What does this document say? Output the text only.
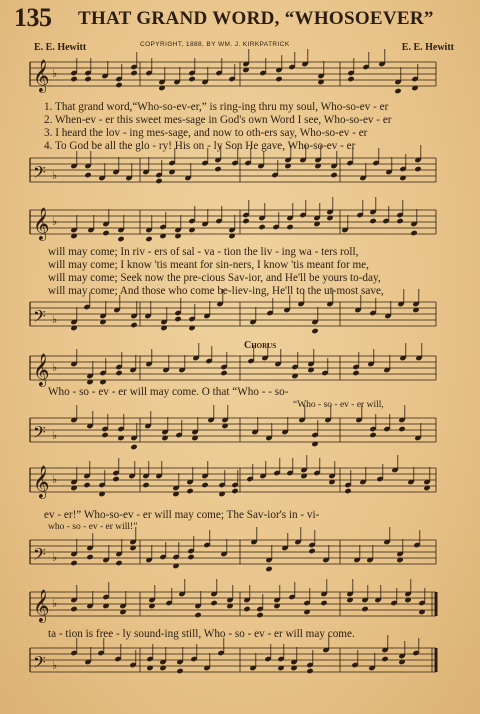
135 THAT GRAND WORD, “WHOSOEVER”
E. E. Hewitt	COPYRIGHT, 1888, BY WM. J. KIRKPATRICK	E. E. Hewitt
𝄞 ♭
1. That grand word,“Who-so-ev-er,” is ring-ing thru my soul, Who-so-ev - er
2. When-ev - er this sweet mes-sage in God's own Word I see, Who-so-ev - er
3. I heard the lov - ing mes-sage, and now to oth-ers say, Who-so-ev - er
4. To God be all the glo - ry! His on - ly Son He gave, Who-so-ev - er
𝄢 ♭
𝄞 ♭
will may come; In riv - ers of sal - va - tion the liv - ing wa - ters roll,
will may come; I know 'tis meant for sin-ners, I know 'tis meant for me,
will may come; Seek now the pre-cious Sav-ior, and He'll be yours to-day,
will may come; And those who come be-liev-ing, He'll to the ut-most save,
𝄢 ♭
Chorus
𝄞 ♭
Who - so - ev - er will may come. O that “Who - - so-
“Who - so - ev - er will,
𝄢 ♭
𝄞 ♭
ev - er!” Who-so-ev - er will may come; The Sav-ior's in - vi-
who - so - ev - er will!”
𝄢 ♭
𝄞 ♭
ta - tion is free - ly sound-ing still, Who - so - ev - er will may come.
𝄢 ♭
